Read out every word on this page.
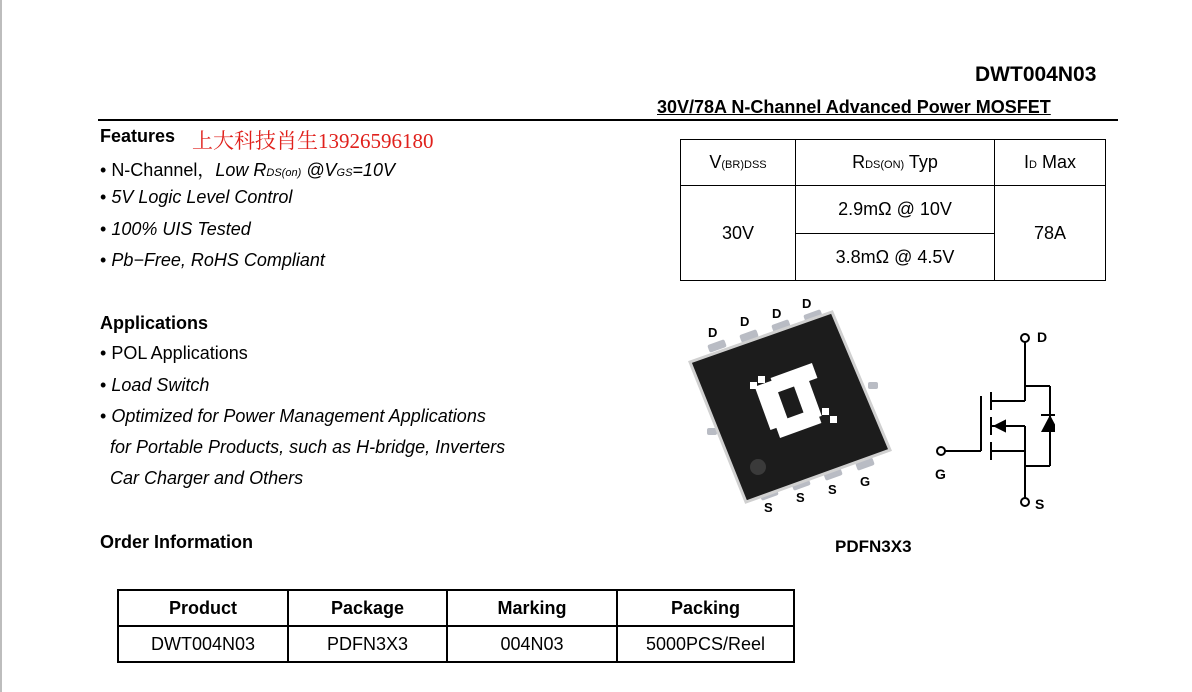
DWT004N03
30V/78A N-Channel Advanced Power MOSFET
Features 上大科技肖生13926596180
• N-Channel，Low RDS(on) @VGS=10V
• 5V Logic Level Control
• 100% UIS Tested
• Pb−Free, RoHS Compliant
Applications
• POL Applications
• Load Switch
• Optimized for Power Management Applications
for Portable Products, such as H-bridge, Inverters
Car Charger and Others
V(BR)DSS	RDS(ON) Typ	ID Max
30V	2.9mΩ @ 10V	78A
	3.8mΩ @ 4.5V	
D
D
D
D
S
S
S
G
PDFN3X3
D
G
S
Order Information
Product	Package	Marking	Packing
DWT004N03	PDFN3X3	004N03	5000PCS/Reel
